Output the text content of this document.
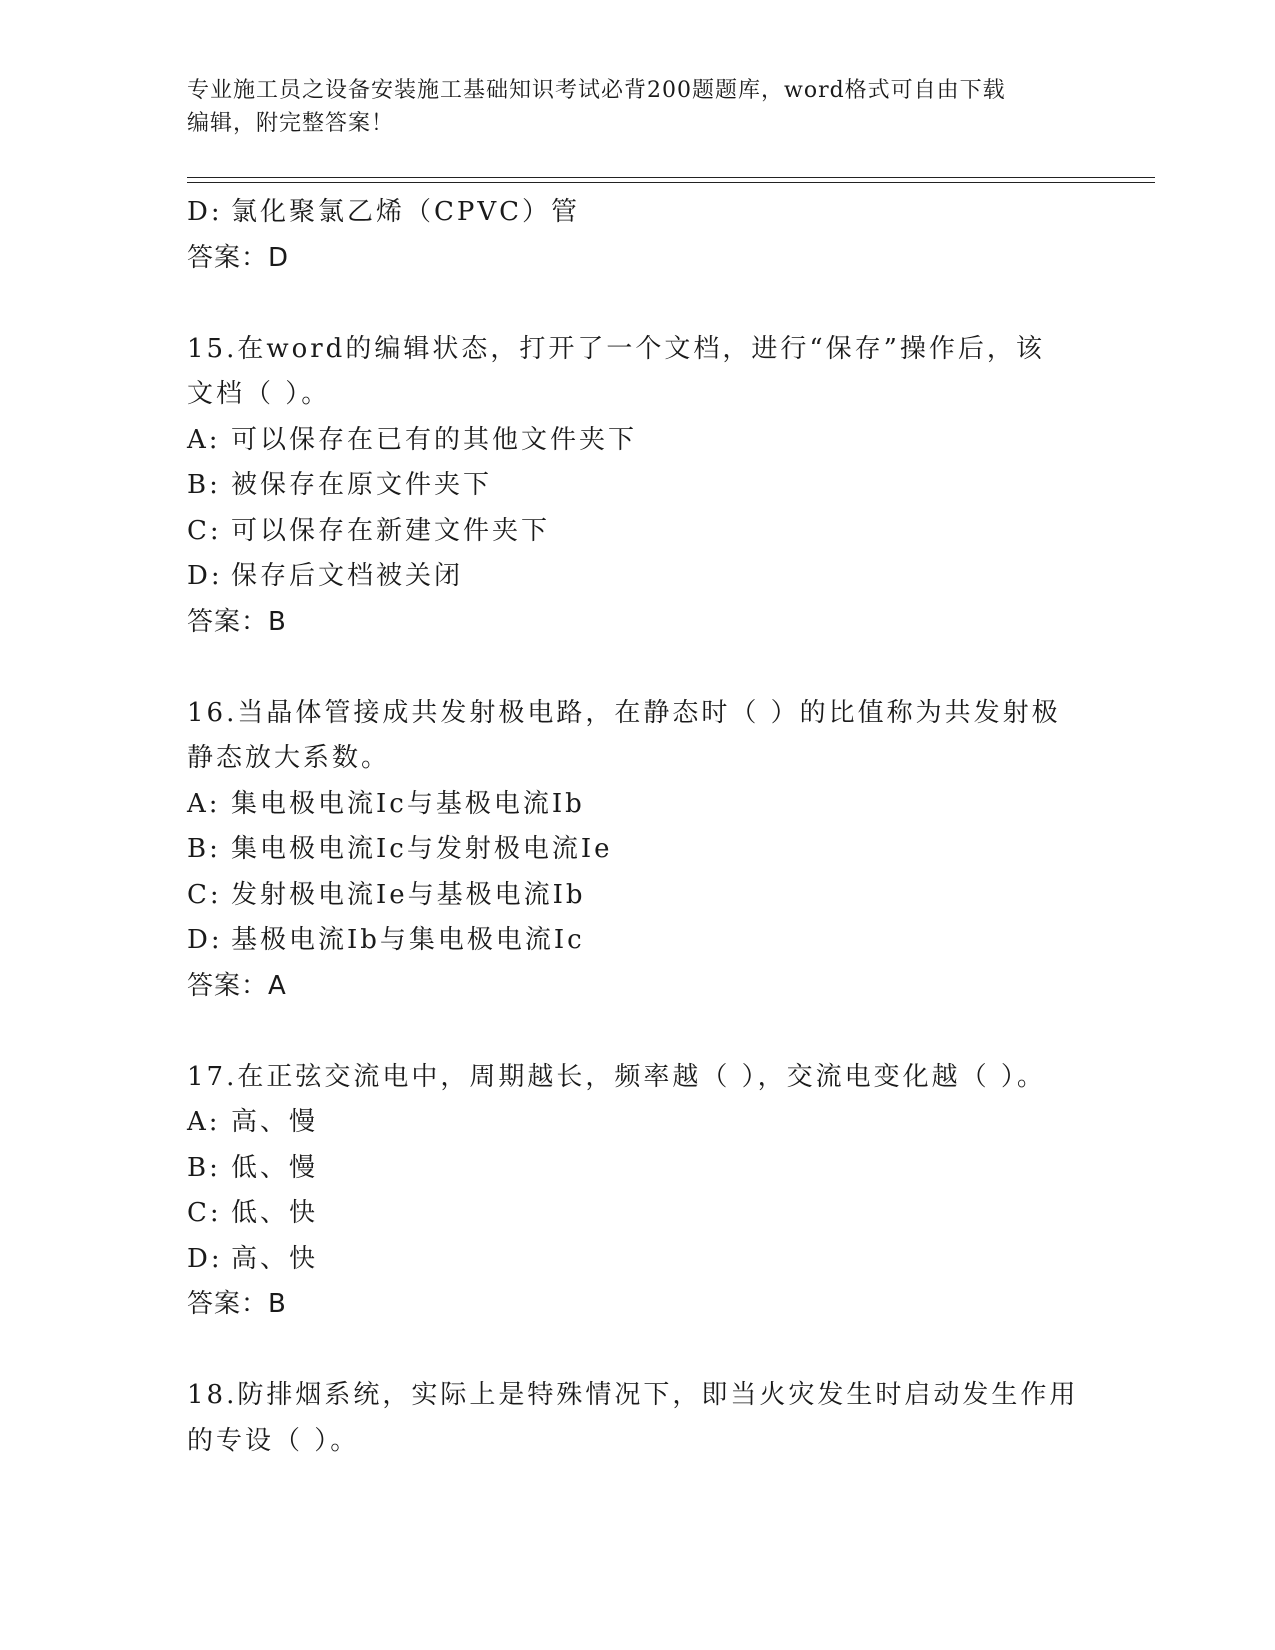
专业施工员之设备安装施工基础知识考试必背200题题库，word格式可自由下载
编辑，附完整答案！
D: 氯化聚氯乙烯（CPVC）管
答案：D
15.在word的编辑状态，打开了一个文档，进行“保存”操作后，该
文档（ ）。
A: 可以保存在已有的其他文件夹下
B: 被保存在原文件夹下
C: 可以保存在新建文件夹下
D: 保存后文档被关闭
答案：B
16.当晶体管接成共发射极电路，在静态时（ ）的比值称为共发射极
静态放大系数。
A: 集电极电流Ic与基极电流Ib
B: 集电极电流Ic与发射极电流Ie
C: 发射极电流Ie与基极电流Ib
D: 基极电流Ib与集电极电流Ic
答案：A
17.在正弦交流电中，周期越长，频率越（ ），交流电变化越（ ）。
A: 高、慢
B: 低、慢
C: 低、快
D: 高、快
答案：B
18.防排烟系统，实际上是特殊情况下，即当火灾发生时启动发生作用
的专设（ ）。
